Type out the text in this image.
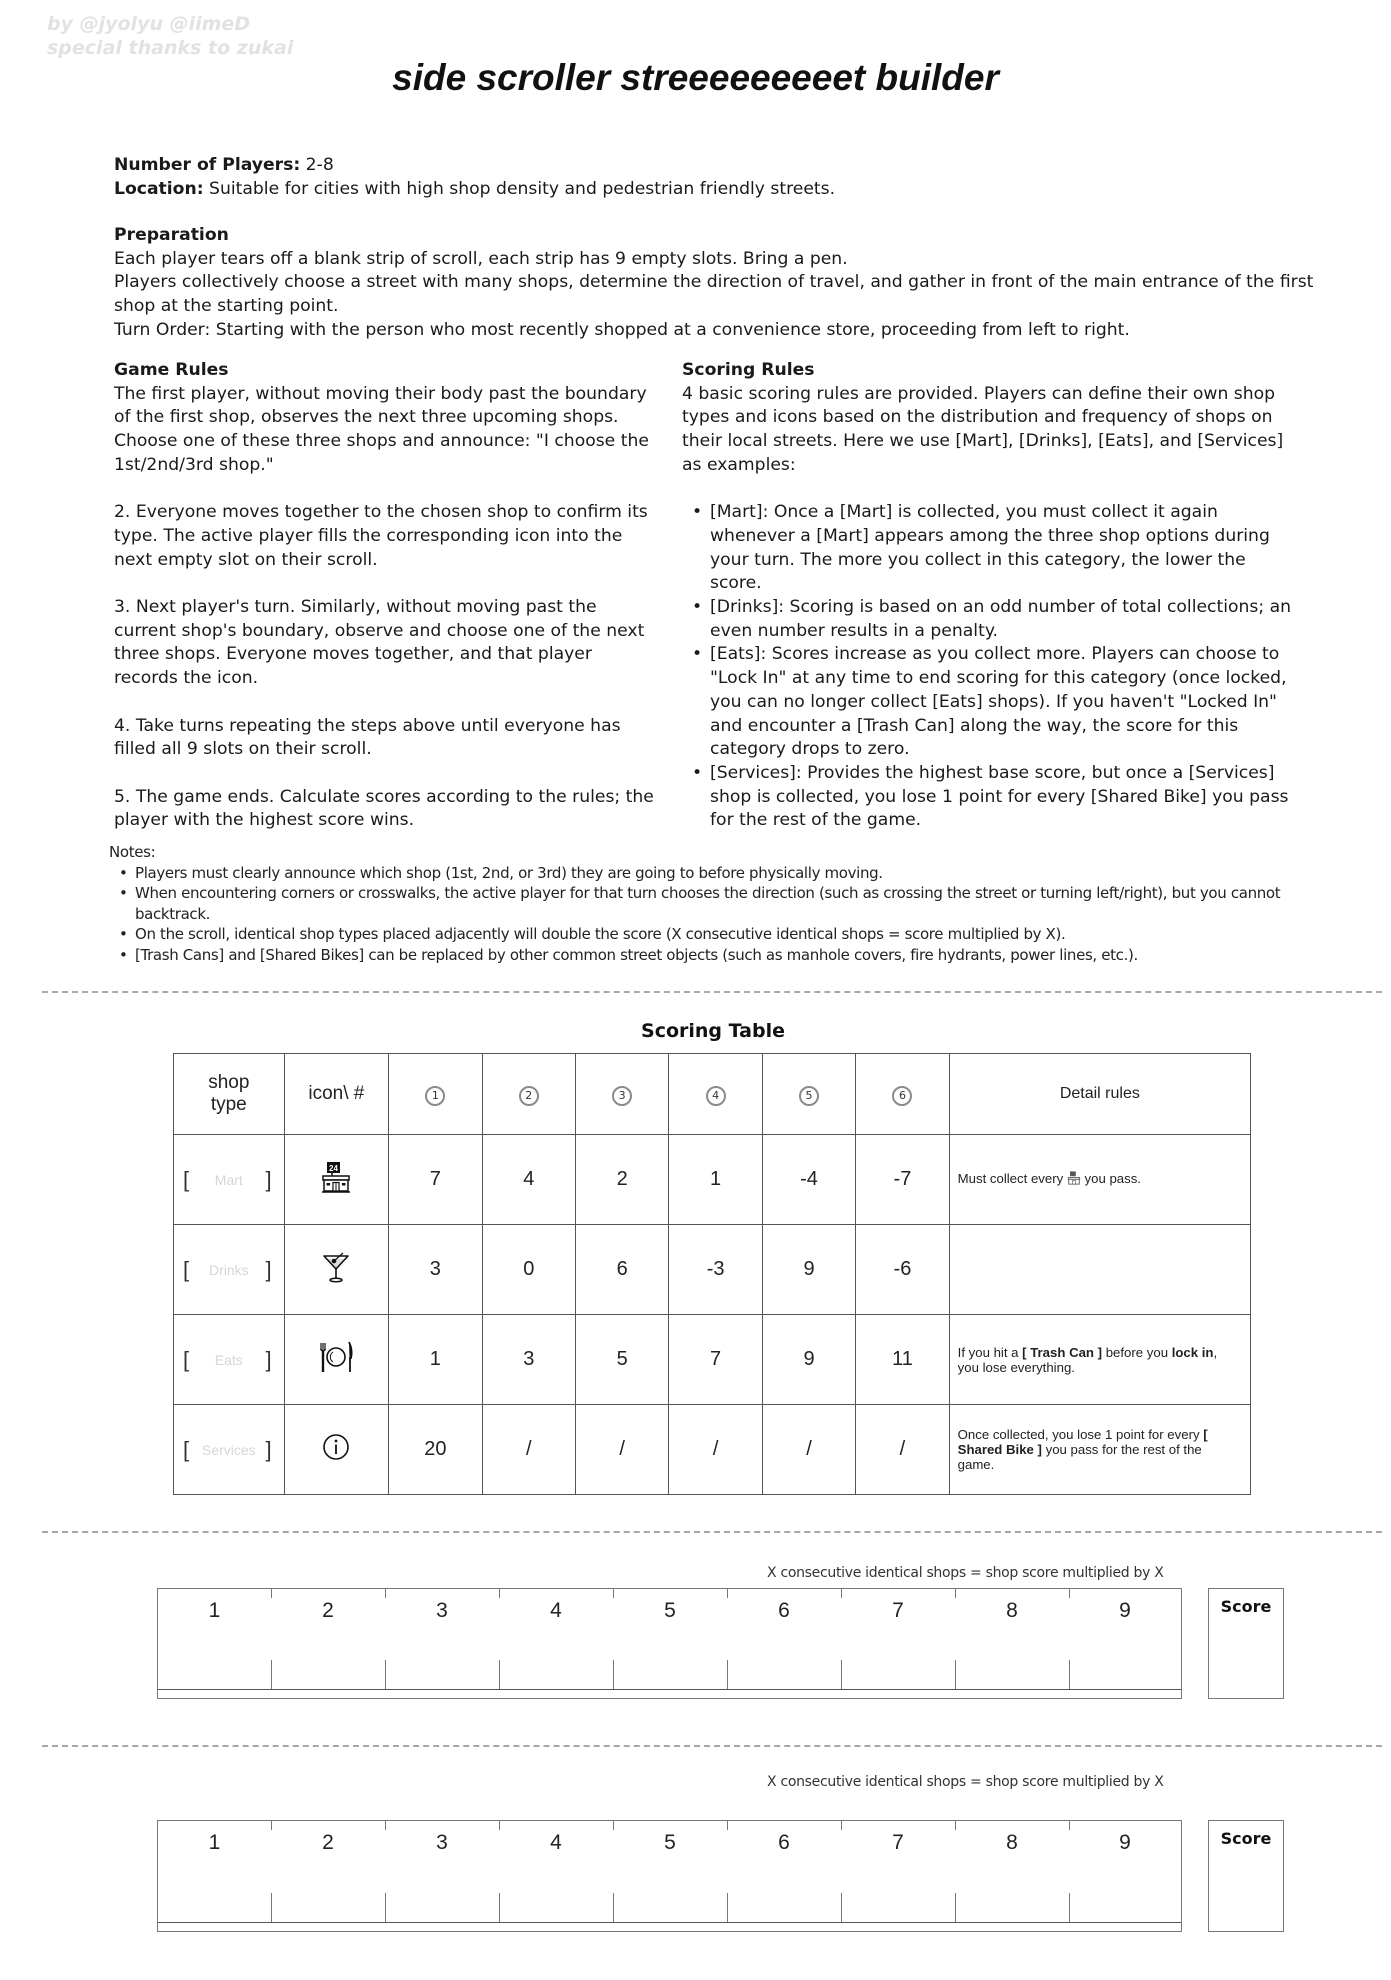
by @jyolyu @iimeD
special thanks to zukai
side scroller streeeeeeeeet builder
Number of Players: 2-8
Location: Suitable for cities with high shop density and pedestrian friendly streets.
Preparation
Each player tears off a blank strip of scroll, each strip has 9 empty slots. Bring a pen.
Players collectively choose a street with many shops, determine the direction of travel, and gather in front of the main entrance of the first shop at the starting point.
Turn Order: Starting with the person who most recently shopped at a convenience store, proceeding from left to right.
Game Rules

The first player, without moving their body past the boundary of the first shop, observes the next three upcoming shops. Choose one of these three shops and announce: "I choose the 1st/2nd/3rd shop."

2. Everyone moves together to the chosen shop to confirm its type. The active player fills the corresponding icon into the next empty slot on their scroll.

3. Next player's turn. Similarly, without moving past the current shop's boundary, observe and choose one of the next three shops. Everyone moves together, and that player records the icon.

4. Take turns repeating the steps above until everyone has filled all 9 slots on their scroll.

5. The game ends. Calculate scores according to the rules; the player with the highest score wins.

Scoring Rules

4 basic scoring rules are provided. Players can define their own shop types and icons based on the distribution and frequency of shops on their local streets. Here we use [Mart], [Drinks], [Eats], and [Services] as examples:

• [Mart]: Once a [Mart] is collected, you must collect it again whenever a [Mart] appears among the three shop options during your turn. The more you collect in this category, the lower the score.
• [Drinks]: Scoring is based on an odd number of total collections; an even number results in a penalty.
• [Eats]: Scores increase as you collect more. Players can choose to "Lock In" at any time to end scoring for this category (once locked, you can no longer collect [Eats] shops). If you haven't "Locked In" and encounter a [Trash Can] along the way, the score for this category drops to zero.
• [Services]: Provides the highest base score, but once a [Services] shop is collected, you lose 1 point for every [Shared Bike] you pass for the rest of the game.
Notes:
• Players must clearly announce which shop (1st, 2nd, or 3rd) they are going to before physically moving.
• When encountering corners or crosswalks, the active player for that turn chooses the direction (such as crossing the street or turning left/right), but you cannot backtrack.
• On the scroll, identical shop types placed adjacently will double the score (X consecutive identical shops = score multiplied by X).
• [Trash Cans] and [Shared Bikes] can be replaced by other common street objects (such as manhole covers, fire hydrants, power lines, etc.).
Scoring Table
shop type	icon\ #	1	2	3	4	5	6	Detail rules

[ Mart ]	24	7	4	2	1	-4	-7	Must collect every  you pass.

[ Drinks ]		3	0	6	-3	9	-6	

[ Eats ]		1	3	5	7	9	11	If you hit a [ Trash Can ] before you lock in, you lose everything.

[ Services ]		20	/	/	/	/	/	Once collected, you lose 1 point for every [ Shared Bike ] you pass for the rest of the game.
X consecutive identical shops = shop score multiplied by X
1	2	3	4	5	6	7	8	9	Score
X consecutive identical shops = shop score multiplied by X
1	2	3	4	5	6	7	8	9	Score
